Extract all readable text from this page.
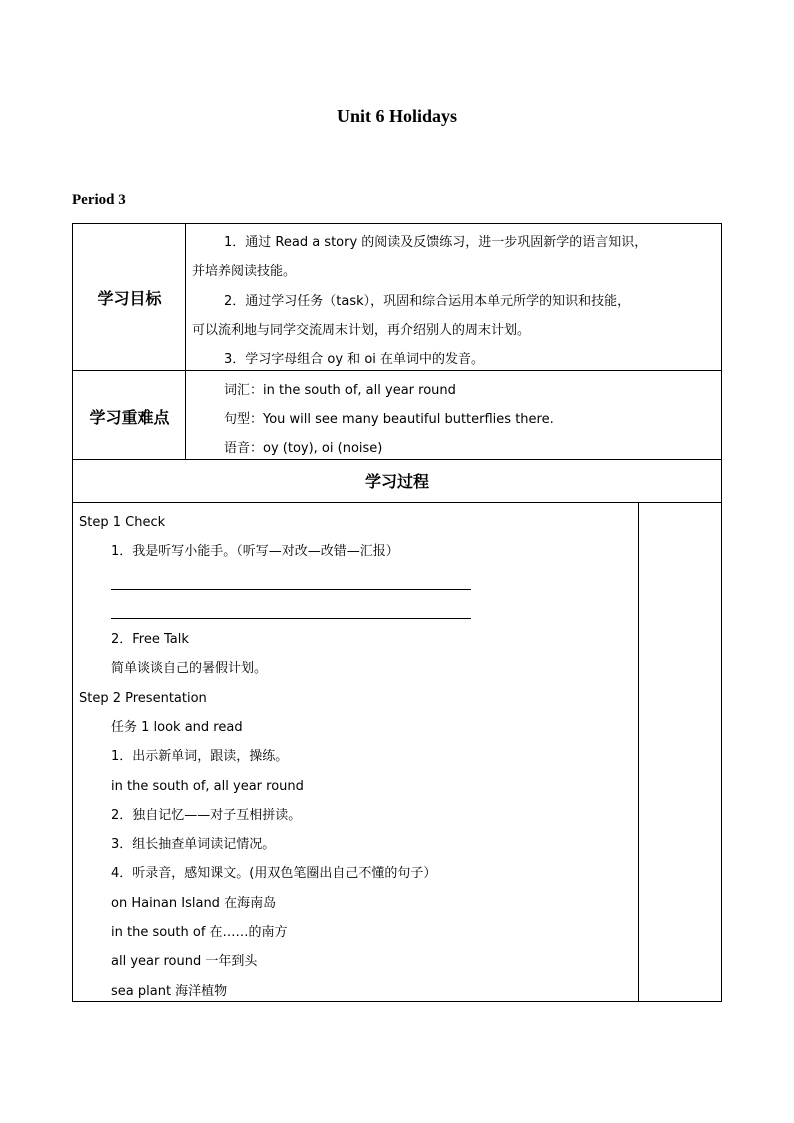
Unit 6 Holidays
Period 3
学习目标
学习重难点
1．通过 Read a story 的阅读及反馈练习，进一步巩固新学的语言知识，
并培养阅读技能。
2．通过学习任务（task），巩固和综合运用本单元所学的知识和技能，
可以流利地与同学交流周末计划，再介绍别人的周末计划。
3．学习字母组合 oy 和 oi 在单词中的发音。
词汇：in the south of, all year round
句型：You will see many beautiful butterflies there.
语音：oy (toy), oi (noise)
学习过程
Step 1 Check
1．我是听写小能手。（听写—对改—改错—汇报）
2．Free Talk
简单谈谈自己的暑假计划。
Step 2 Presentation
任务 1 look and read
1．出示新单词，跟读，操练。
in the south of, all year round
2．独自记忆——对子互相拼读。
3．组长抽查单词读记情况。
4．听录音，感知课文。(用双色笔圈出自己不懂的句子）
on Hainan Island 在海南岛
in the south of 在……的南方
all year round 一年到头
sea plant 海洋植物
